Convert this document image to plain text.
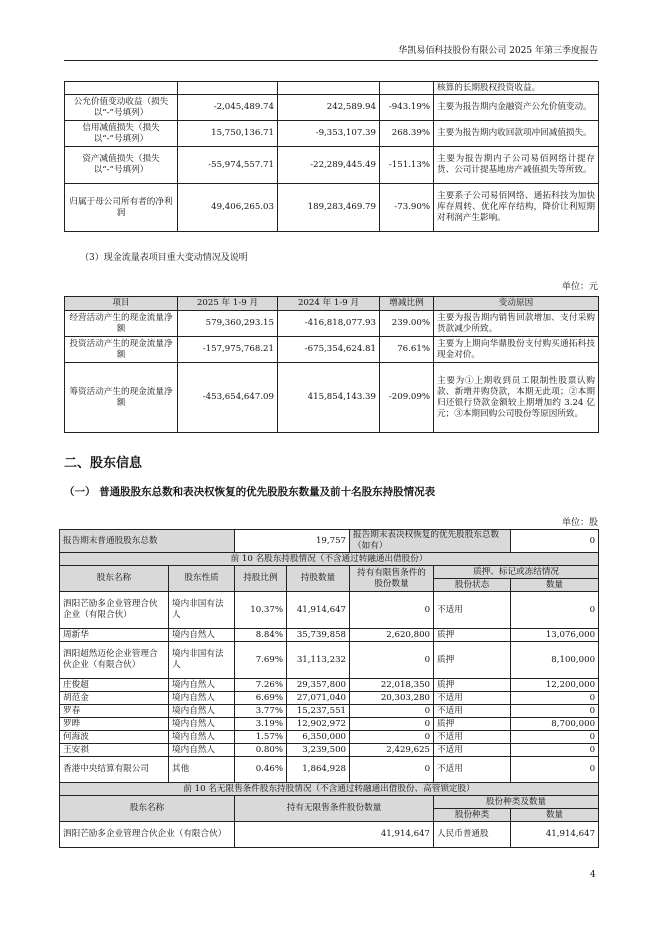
华凯易佰科技股份有限公司 2025 年第三季度报告
				核算的长期股权投资收益。
公允价值变动收益（损失以“-”号填列）	-2,045,489.74	242,589.94	-943.19%	主要为报告期内金融资产公允价值变动。
信用减值损失（损失以“-”号填列）	15,750,136.71	-9,353,107.39	268.39%	主要为报告期内收回款项冲回减值损失。
资产减值损失（损失以“-”号填列）	-55,974,557.71	-22,289,445.49	-151.13%	主要为报告期内子公司易佰网络计提存货、公司计提基地房产减值损失等所致。
归属于母公司所有者的净利润	49,406,265.03	189,283,469.79	-73.90%	主要系子公司易佰网络、通拓科技为加快库存周转、优化库存结构，降价让利短期对利润产生影响。
（3）现金流量表项目重大变动情况及说明
单位：元
项目	2025 年 1-9 月	2024 年 1-9 月	增减比例	变动原因
经营活动产生的现金流量净额	579,360,293.15	-416,818,077.93	239.00%	主要为报告期内销售回款增加、支付采购货款减少所致。
投资活动产生的现金流量净额	-157,975,768.21	-675,354,624.81	76.61%	主要为上期向华鼎股份支付购买通拓科技现金对价。
筹资活动产生的现金流量净额	-453,654,647.09	415,854,143.39	-209.09%	主要为①上期收到员工限制性股票认购款、新增并购贷款，本期无此项；②本期归还银行贷款金额较上期增加约 3.24 亿元；③本期回购公司股份等原因所致。
二、股东信息
（一） 普通股股东总数和表决权恢复的优先股股东数量及前十名股东持股情况表
单位：股
报告期末普通股股东总数		19,757		报告期末表决权恢复的优先股股东总数（如有）		0
前 10 名股东持股情况（不含通过转融通出借股份）						
股东名称	股东性质	持股比例	持股数量	持有有限售条件的股份数量	质押、标记或冻结情况	
					股份状态	数量
泗阳芒励多企业管理合伙企业（有限合伙）	境内非国有法人	10.37%	41,914,647	0	不适用	0
周新华	境内自然人	8.84%	35,739,858	2,620,800	质押	13,076,000
泗阳超然迈伦企业管理合伙企业（有限合伙）	境内非国有法人	7.69%	31,113,232	0	质押	8,100,000
庄俊超	境内自然人	7.26%	29,357,800	22,018,350	质押	12,200,000
胡范金	境内自然人	6.69%	27,071,040	20,303,280	不适用	0
罗春	境内自然人	3.77%	15,237,551	0	不适用	0
罗晔	境内自然人	3.19%	12,902,972	0	质押	8,700,000
何海波	境内自然人	1.57%	6,350,000	0	不适用	0
王安祺	境内自然人	0.80%	3,239,500	2,429,625	不适用	0
香港中央结算有限公司	其他	0.46%	1,864,928	0	不适用	0
前 10 名无限售条件股东持股情况（不含通过转融通出借股份、高管锁定股）						
股东名称		持有无限售条件股份数量			股份种类及数量	
					股份种类	数量
泗阳芒励多企业管理合伙企业（有限合伙）		41,914,647			人民币普通股	41,914,647
4
